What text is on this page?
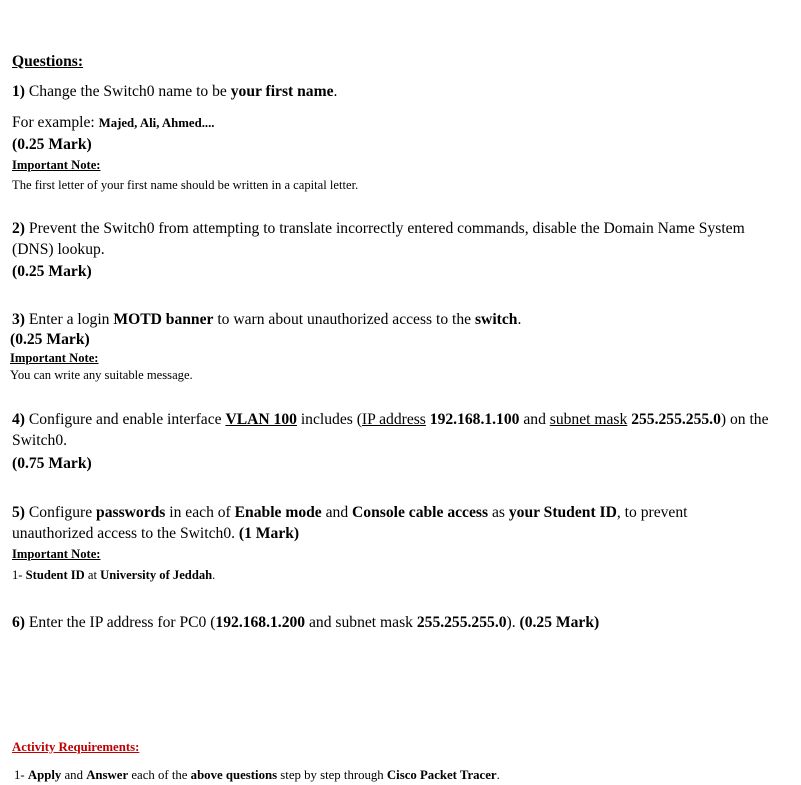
Questions:
1) Change the Switch0 name to be your first name.
For example: Majed, Ali, Ahmed....
(0.25 Mark)
Important Note:
The first letter of your first name should be written in a capital letter.
2) Prevent the Switch0 from attempting to translate incorrectly entered commands, disable the Domain Name System (DNS) lookup.
(0.25 Mark)
3) Enter a login MOTD banner to warn about unauthorized access to the switch.
(0.25 Mark)
Important Note:
You can write any suitable message.
4) Configure and enable interface VLAN 100 includes (IP address 192.168.1.100 and subnet mask 255.255.255.0) on the Switch0.
(0.75 Mark)
5) Configure passwords in each of Enable mode and Console cable access as your Student ID, to prevent unauthorized access to the Switch0. (1 Mark)
Important Note:
1- Student ID at University of Jeddah.
6) Enter the IP address for PC0 (192.168.1.200 and subnet mask 255.255.255.0). (0.25 Mark)
Activity Requirements:
1- Apply and Answer each of the above questions step by step through Cisco Packet Tracer.
